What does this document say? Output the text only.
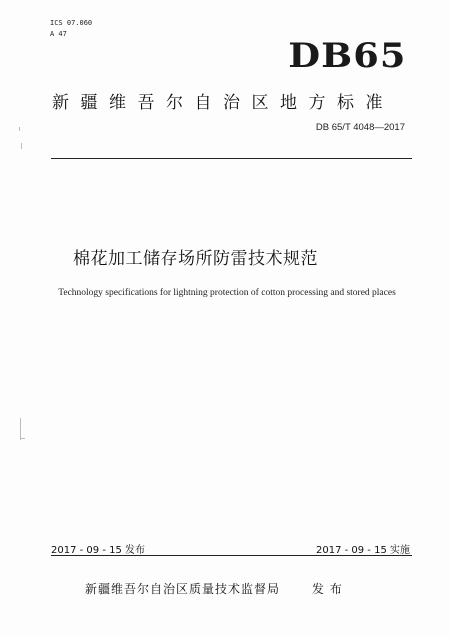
ICS 07.060
A 47
DB65
新疆维吾尔自治区地方标准
DB 65/T 4048—2017
棉花加工储存场所防雷技术规范
Technology specifications for lightning protection of cotton processing and stored places
2017 - 09 - 15 发布	2017 - 09 - 15 实施
新疆维吾尔自治区质量技术监督局	发布
